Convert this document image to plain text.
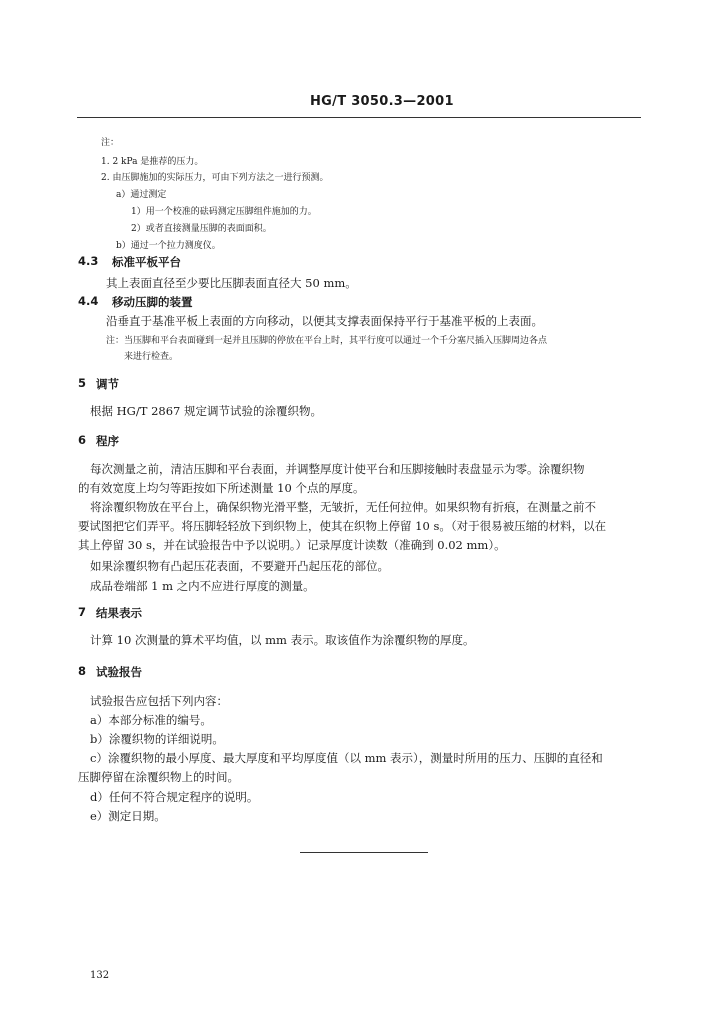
HG/T 3050.3—2001
注：
1. 2 kPa 是推荐的压力。
2. 由压脚施加的实际压力，可由下列方法之一进行预测。
a）通过测定
1）用一个校准的砝码测定压脚组件施加的力。
2）或者直接测量压脚的表面面积。
b）通过一个拉力测度仪。
4.3 标准平板平台
其上表面直径至少要比压脚表面直径大 50 mm。
4.4 移动压脚的装置
沿垂直于基准平板上表面的方向移动，以便其支撑表面保持平行于基准平板的上表面。
注：当压脚和平台表面碰到一起并且压脚的停放在平台上时，其平行度可以通过一个千分塞尺插入压脚周边各点
来进行检查。
5 调节
根据 HG/T 2867 规定调节试验的涂覆织物。
6 程序
每次测量之前，清洁压脚和平台表面，并调整厚度计使平台和压脚接触时表盘显示为零。涂覆织物
的有效宽度上均匀等距按如下所述测量 10 个点的厚度。
将涂覆织物放在平台上，确保织物光滑平整，无皱折，无任何拉伸。如果织物有折痕，在测量之前不
要试图把它们弄平。将压脚轻轻放下到织物上，使其在织物上停留 10 s。（对于很易被压缩的材料，以在
其上停留 30 s，并在试验报告中予以说明。）记录厚度计读数（准确到 0.02 mm）。
如果涂覆织物有凸起压花表面，不要避开凸起压花的部位。
成品卷端部 1 m 之内不应进行厚度的测量。
7 结果表示
计算 10 次测量的算术平均值，以 mm 表示。取该值作为涂覆织物的厚度。
8 试验报告
试验报告应包括下列内容：
a）本部分标准的编号。
b）涂覆织物的详细说明。
c）涂覆织物的最小厚度、最大厚度和平均厚度值（以 mm 表示），测量时所用的压力、压脚的直径和
压脚停留在涂覆织物上的时间。
d）任何不符合规定程序的说明。
e）测定日期。
132
